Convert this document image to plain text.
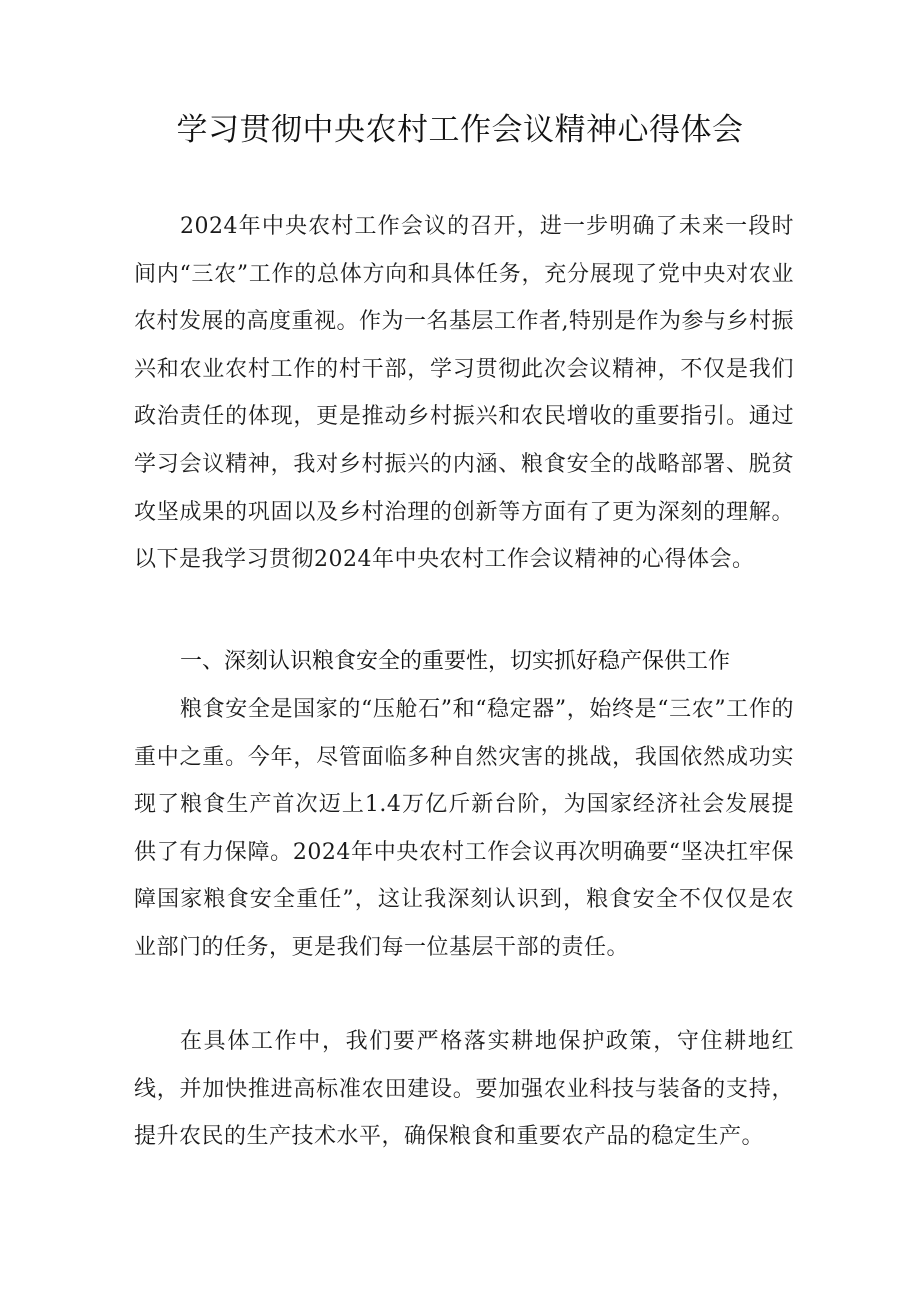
学习贯彻中央农村工作会议精神心得体会

2024年中央农村工作会议的召开，进一步明确了未来一段时间内“三农”工作的总体方向和具体任务，充分展现了党中央对农业农村发展的高度重视。作为一名基层工作者,特别是作为参与乡村振兴和农业农村工作的村干部，学习贯彻此次会议精神，不仅是我们政治责任的体现，更是推动乡村振兴和农民增收的重要指引。通过学习会议精神，我对乡村振兴的内涵、粮食安全的战略部署、脱贫攻坚成果的巩固以及乡村治理的创新等方面有了更为深刻的理解。以下是我学习贯彻2024年中央农村工作会议精神的心得体会。

一、深刻认识粮食安全的重要性，切实抓好稳产保供工作

粮食安全是国家的“压舱石”和“稳定器”，始终是“三农”工作的重中之重。今年，尽管面临多种自然灾害的挑战，我国依然成功实现了粮食生产首次迈上1.4万亿斤新台阶，为国家经济社会发展提供了有力保障。2024年中央农村工作会议再次明确要“坚决扛牢保障国家粮食安全重任”，这让我深刻认识到，粮食安全不仅仅是农业部门的任务，更是我们每一位基层干部的责任。

在具体工作中，我们要严格落实耕地保护政策，守住耕地红线，并加快推进高标准农田建设。要加强农业科技与装备的支持，提升农民的生产技术水平，确保粮食和重要农产品的稳定生产。
